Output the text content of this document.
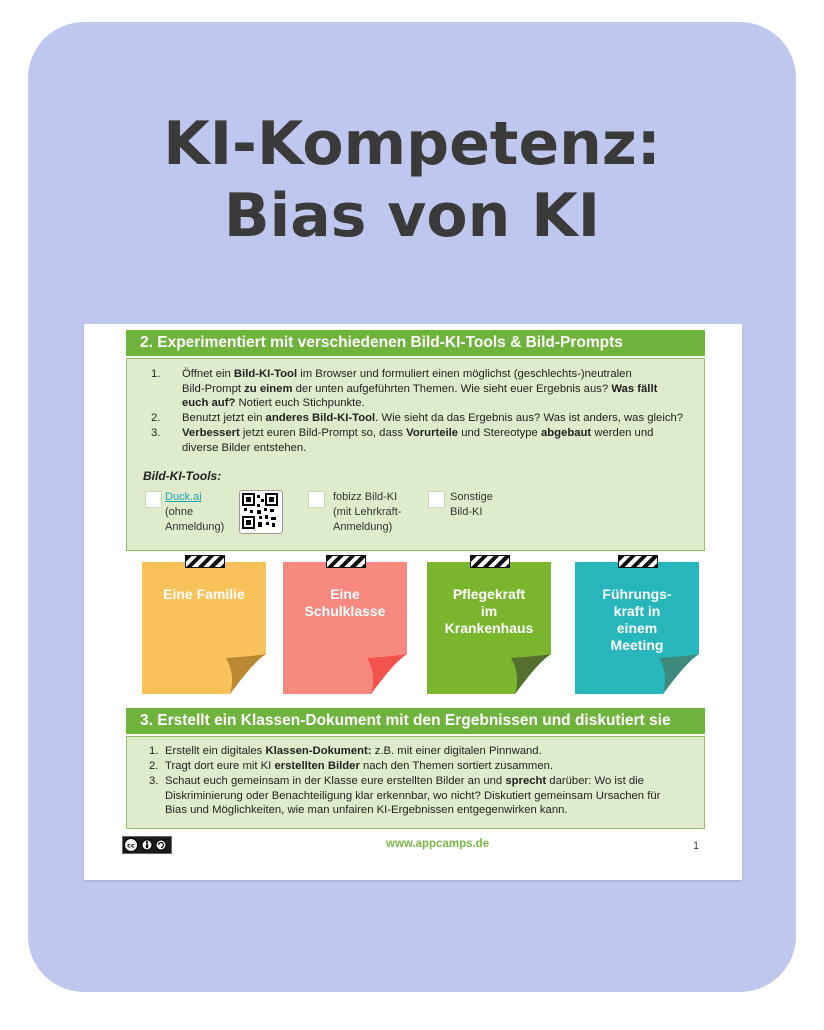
KI-Kompetenz:
Bias von KI
2. Experimentiert mit verschiedenen Bild-KI-Tools & Bild-Prompts
1. Öffnet ein Bild-KI-Tool im Browser und formuliert einen möglichst (geschlechts-)neutralen
Bild-Prompt zu einem der unten aufgeführten Themen. Wie sieht euer Ergebnis aus? Was fällt
euch auf? Notiert euch Stichpunkte.
2. Benutzt jetzt ein anderes Bild-KI-Tool. Wie sieht da das Ergebnis aus? Was ist anders, was gleich?
3. Verbessert jetzt euren Bild-Prompt so, dass Vorurteile und Stereotype abgebaut werden und
diverse Bilder entstehen.
Bild-KI-Tools:
Duck.ai
(ohne
Anmeldung)
fobizz Bild-KI
(mit Lehrkraft-
Anmeldung)
Sonstige
Bild-KI
Eine Familie	Eine
Schulklasse
Pflegekraft
im
Krankenhaus
Führungs-
kraft in
einem
Meeting
3. Erstellt ein Klassen-Dokument mit den Ergebnissen und diskutiert sie
1. Erstellt ein digitales Klassen-Dokument: z.B. mit einer digitalen Pinnwand.
2. Tragt dort eure mit KI erstellten Bilder nach den Themen sortiert zusammen.
3. Schaut euch gemeinsam in der Klasse eure erstellten Bilder an und sprecht darüber: Wo ist die
Diskriminierung oder Benachteiligung klar erkennbar, wo nicht? Diskutiert gemeinsam Ursachen für
Bias und Möglichkeiten, wie man unfairen KI-Ergebnissen entgegenwirken kann.
cc	www.appcamps.de	1
